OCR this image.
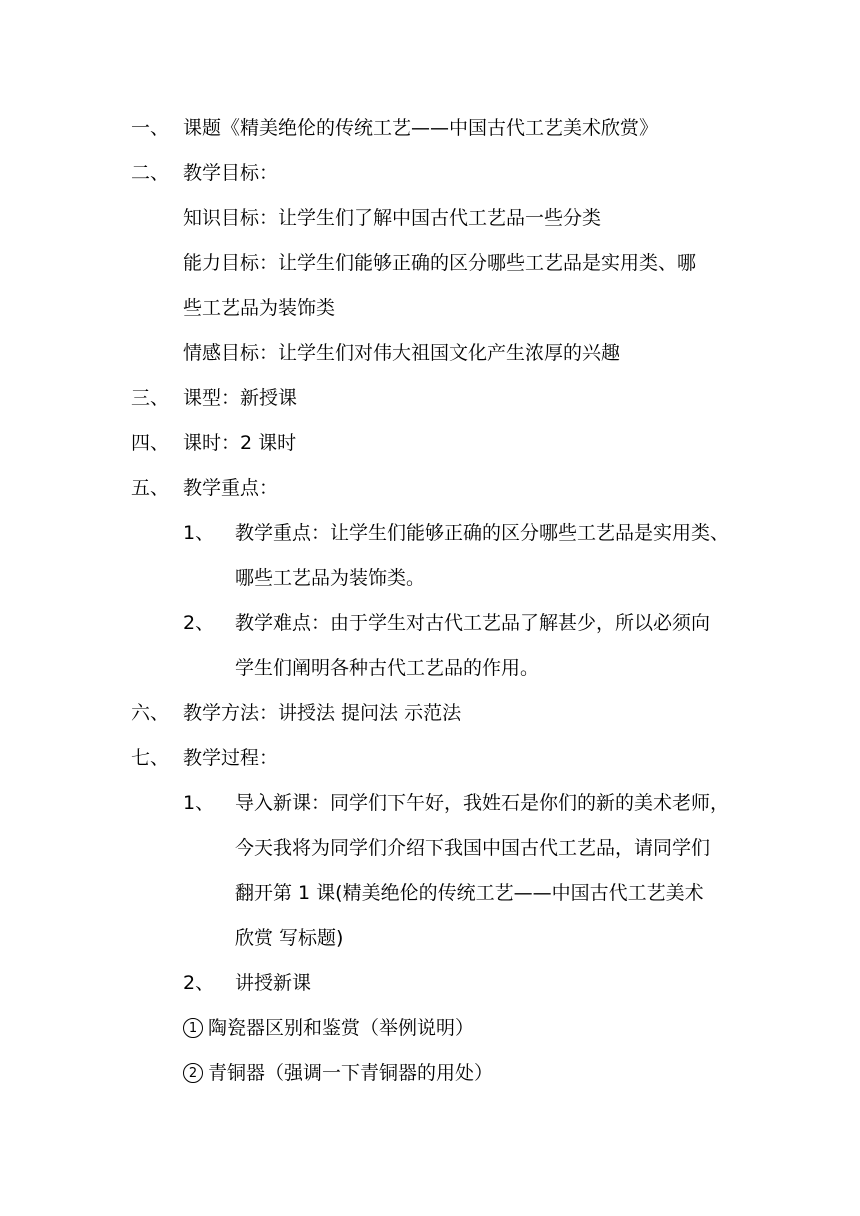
一、 课题《精美绝伦的传统工艺——中国古代工艺美术欣赏》
二、 教学目标：
知识目标：让学生们了解中国古代工艺品一些分类
能力目标：让学生们能够正确的区分哪些工艺品是实用类、哪
些工艺品为装饰类
情感目标：让学生们对伟大祖国文化产生浓厚的兴趣
三、 课型：新授课
四、 课时：2 课时
五、 教学重点：
1、 教学重点：让学生们能够正确的区分哪些工艺品是实用类、
哪些工艺品为装饰类。
2、 教学难点：由于学生对古代工艺品了解甚少，所以必须向
学生们阐明各种古代工艺品的作用。
六、 教学方法：讲授法 提问法 示范法
七、 教学过程：
1、 导入新课：同学们下午好，我姓石是你们的新的美术老师，
今天我将为同学们介绍下我国中国古代工艺品，请同学们
翻开第 1 课(精美绝伦的传统工艺——中国古代工艺美术
欣赏 写标题)
2、 讲授新课
1 陶瓷器区别和鉴赏（举例说明）
2 青铜器（强调一下青铜器的用处）
